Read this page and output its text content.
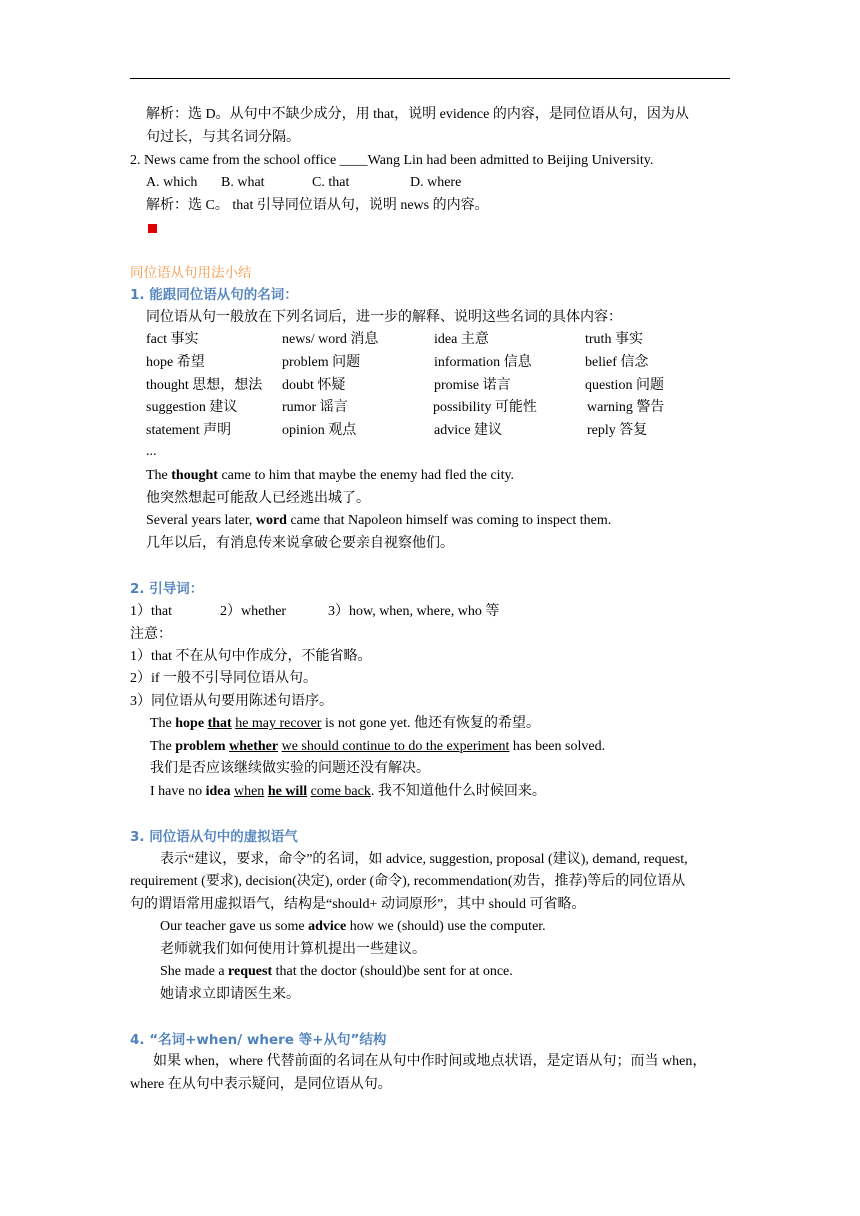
解析：选 D。从句中不缺少成分，用 that，说明 evidence 的内容，是同位语从句，因为从
句过长，与其名词分隔。
2. News came from the school office ____Wang Lin had been admitted to Beijing University.
A. which B. what	C. that	D. where
解析：选 C。 that 引导同位语从句，说明 news 的内容。
同位语从句用法小结
1. 能跟同位语从句的名词：
同位语从句一般放在下列名词后，进一步的解释、说明这些名词的具体内容：
fact 事实	news/ word 消息	idea 主意	truth 事实
hope 希望	problem 问题	information 信息	belief 信念
thought 思想，想法 doubt 怀疑	promise 诺言	question 问题
suggestion 建议	rumor 谣言	possibility 可能性	warning 警告
statement 声明	opinion 观点	advice 建议	reply 答复
...
The thought came to him that maybe the enemy had fled the city.
他突然想起可能敌人已经逃出城了。
Several years later, word came that Napoleon himself was coming to inspect them.
几年以后，有消息传来说拿破仑要亲自视察他们。
2. 引导词：
1）that	2）whether	3）how, when, where, who 等
注意：
1）that 不在从句中作成分，不能省略。
2）if 一般不引导同位语从句。
3）同位语从句要用陈述句语序。
The hope that he may recover is not gone yet. 他还有恢复的希望。
The problem whether we should continue to do the experiment has been solved.
我们是否应该继续做实验的问题还没有解决。
I have no idea when he will come back. 我不知道他什么时候回来。
3. 同位语从句中的虚拟语气
表示“建议，要求，命令”的名词，如 advice, suggestion, proposal (建议), demand, request,
requirement (要求), decision(决定), order (命令), recommendation(劝告，推荐)等后的同位语从
句的谓语常用虚拟语气，结构是“should+ 动词原形”，其中 should 可省略。
Our teacher gave us some advice how we (should) use the computer.
老师就我们如何使用计算机提出一些建议。
She made a request that the doctor (should)be sent for at once.
她请求立即请医生来。
4. “名词+when/ where 等+从句”结构
如果 when，where 代替前面的名词在从句中作时间或地点状语，是定语从句；而当 when，
where 在从句中表示疑问，是同位语从句。
